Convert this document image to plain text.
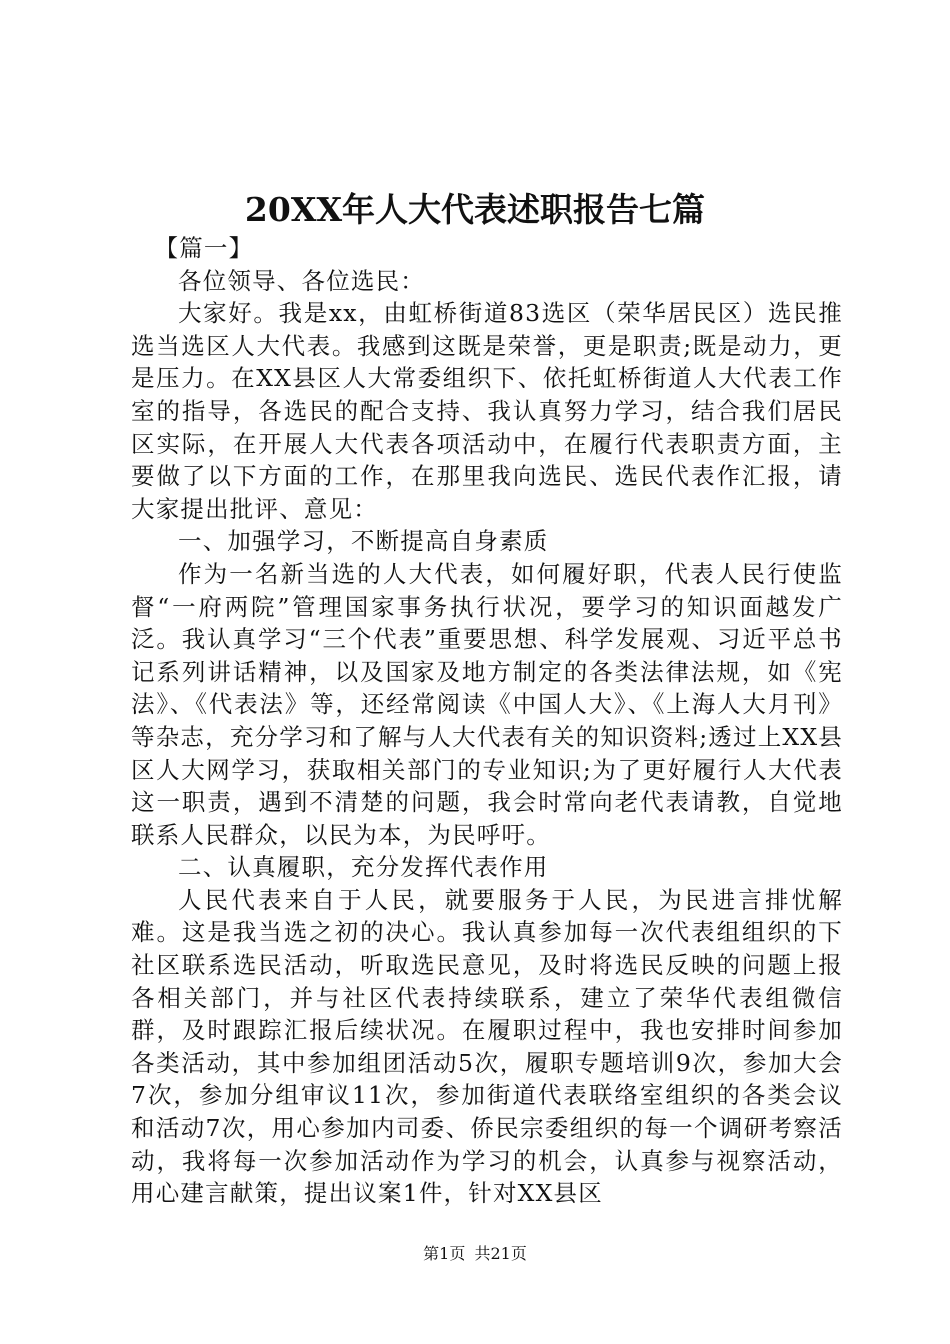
20XX年人大代表述职报告七篇

【篇一】

各位领导、各位选民：

大家好。我是xx，由虹桥街道83选区（荣华居民区）选民推选当选区人大代表。我感到这既是荣誉，更是职责;既是动力，更是压力。在XX县区人大常委组织下、依托虹桥街道人大代表工作室的指导，各选民的配合支持、我认真努力学习，结合我们居民区实际，在开展人大代表各项活动中，在履行代表职责方面，主要做了以下方面的工作，在那里我向选民、选民代表作汇报，请大家提出批评、意见：

一、加强学习，不断提高自身素质

作为一名新当选的人大代表，如何履好职，代表人民行使监督“一府两院”管理国家事务执行状况，要学习的知识面越发广泛。我认真学习“三个代表”重要思想、科学发展观、习近平总书记系列讲话精神，以及国家及地方制定的各类法律法规，如《宪法》、《代表法》等，还经常阅读《中国人大》、《上海人大月刊》等杂志，充分学习和了解与人大代表有关的知识资料;透过上XX县区人大网学习，获取相关部门的专业知识;为了更好履行人大代表这一职责，遇到不清楚的问题，我会时常向老代表请教，自觉地联系人民群众，以民为本，为民呼吁。

二、认真履职，充分发挥代表作用

人民代表来自于人民，就要服务于人民，为民进言排忧解难。这是我当选之初的决心。我认真参加每一次代表组组织的下社区联系选民活动，听取选民意见，及时将选民反映的问题上报各相关部门，并与社区代表持续联系，建立了荣华代表组微信群，及时跟踪汇报后续状况。在履职过程中，我也安排时间参加各类活动，其中参加组团活动5次，履职专题培训9次，参加大会7次，参加分组审议11次，参加街道代表联络室组织的各类会议和活动7次，用心参加内司委、侨民宗委组织的每一个调研考察活动，我将每一次参加活动作为学习的机会，认真参与视察活动，用心建言献策，提出议案1件，针对XX县区

第1页 共21页
